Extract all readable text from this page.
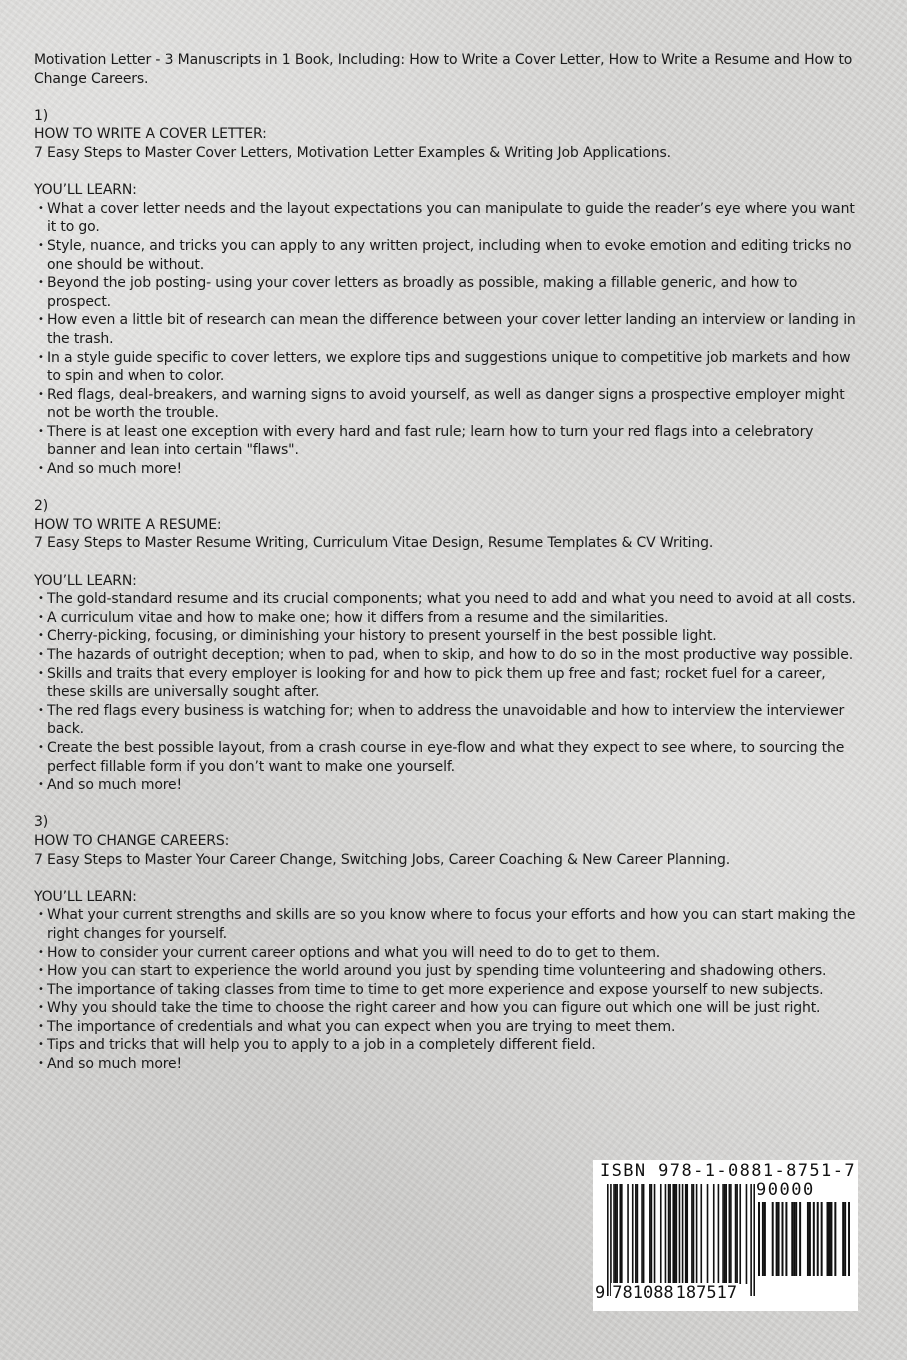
Motivation Letter - 3 Manuscripts in 1 Book, Including: How to Write a Cover Letter, How to Write a Resume and How to Change Careers.

1)

HOW TO WRITE A COVER LETTER:

7 Easy Steps to Master Cover Letters, Motivation Letter Examples & Writing Job Applications.

YOU’LL LEARN:

• What a cover letter needs and the layout expectations you can manipulate to guide the reader’s eye where you want it to go.
• Style, nuance, and tricks you can apply to any written project, including when to evoke emotion and editing tricks no one should be without.
• Beyond the job posting- using your cover letters as broadly as possible, making a fillable generic, and how to prospect.
• How even a little bit of research can mean the difference between your cover letter landing an interview or landing in the trash.
• In a style guide specific to cover letters, we explore tips and suggestions unique to competitive job markets and how to spin and when to color.
• Red flags, deal-breakers, and warning signs to avoid yourself, as well as danger signs a prospective employer might not be worth the trouble.
• There is at least one exception with every hard and fast rule; learn how to turn your red flags into a celebratory banner and lean into certain "flaws".
• And so much more!

2)

HOW TO WRITE A RESUME:

7 Easy Steps to Master Resume Writing, Curriculum Vitae Design, Resume Templates & CV Writing.

YOU’LL LEARN:

• The gold-standard resume and its crucial components; what you need to add and what you need to avoid at all costs.
• A curriculum vitae and how to make one; how it differs from a resume and the similarities.
• Cherry-picking, focusing, or diminishing your history to present yourself in the best possible light.
• The hazards of outright deception; when to pad, when to skip, and how to do so in the most productive way possible.
• Skills and traits that every employer is looking for and how to pick them up free and fast; rocket fuel for a career, these skills are universally sought after.
• The red flags every business is watching for; when to address the unavoidable and how to interview the interviewer back.
• Create the best possible layout, from a crash course in eye-flow and what they expect to see where, to sourcing the perfect fillable form if you don’t want to make one yourself.
• And so much more!

3)

HOW TO CHANGE CAREERS:

7 Easy Steps to Master Your Career Change, Switching Jobs, Career Coaching & New Career Planning.

YOU’LL LEARN:

• What your current strengths and skills are so you know where to focus your efforts and how you can start making the right changes for yourself.
• How to consider your current career options and what you will need to do to get to them.
• How you can start to experience the world around you just by spending time volunteering and shadowing others.
• The importance of taking classes from time to time to get more experience and expose yourself to new subjects.
• Why you should take the time to choose the right career and how you can figure out which one will be just right.
• The importance of credentials and what you can expect when you are trying to meet them.
• Tips and tricks that will help you to apply to a job in a completely different field.
• And so much more!
ISBN 978-1-0881-8751-7
90000
9 781088 187517
